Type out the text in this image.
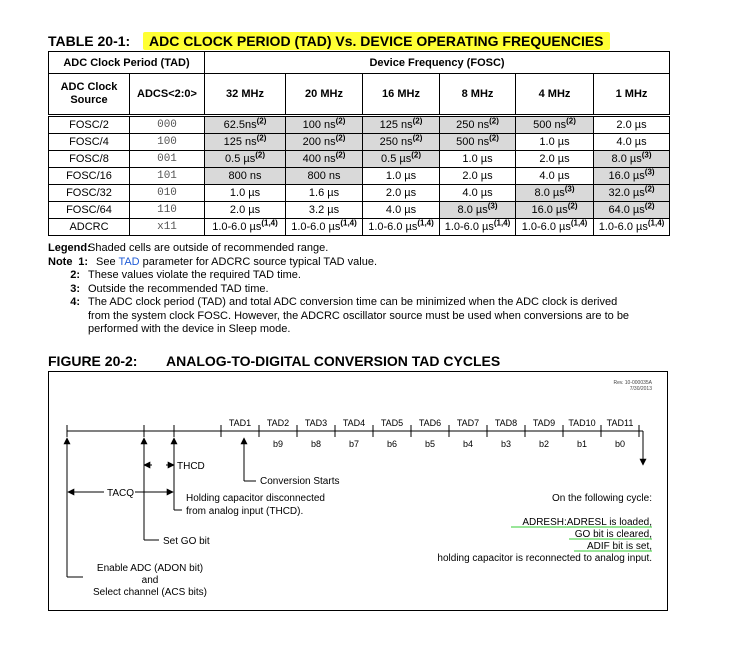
TABLE 20-1: ADC CLOCK PERIOD (TAD) Vs. DEVICE OPERATING FREQUENCIES
ADC Clock Period (TAD)		Device Frequency (FOSC)					
ADC Clock Source	ADCS<2:0>	32 MHz	20 MHz	16 MHz	8 MHz	4 MHz	1 MHz
FOSC/2	000	$62.5ns^{(2)}$	100 $ns^{(2)}$	125 $ns^{(2)}$	250 $ns^{(2)}$	500 $ns^{(2)}$	2.0 µs
FOSC/4	100	125 $ns^{(2)}$	200 $ns^{(2)}$	250 $ns^{(2)}$	500 $ns^{(2)}$	1.0 µs	4.0 µs
FOSC/8	001	0.5 µs$^{(2)}$	400 $ns^{(2)}$	0.5 µs$^{(2)}$	1.0 µs	2.0 µs	8.0 µs$^{(3)}$
FOSC/16	101	800 ns	800 ns	1.0 µs	2.0 µs	4.0 µs	16.0 µs$^{(3)}$
FOSC/32	010	1.0 µs	1.6 µs	2.0 µs	4.0 µs	8.0 µs$^{(3)}$	32.0 µs$^{(2)}$
FOSC/64	110	2.0 µs	3.2 µs	4.0 µs	8.0 µs$^{(3)}$	16.0 µs$^{(2)}$	64.0 µs$^{(2)}$
ADCRC	x11	1.0-6.0 µs$^{(1,4)}$	1.0-6.0 µs$^{(1,4)}$	1.0-6.0 µs$^{(1,4)}$	1.0-6.0 µs$^{(1,4)}$	1.0-6.0 µs$^{(1,4)}$	1.0-6.0 µs$^{(1,4)}$
Legend:
Shaded cells are outside of recommended range.
Note 1: See TAD parameter for ADCRC source typical TAD value.
2: These values violate the required TAD time.
3: Outside the recommended TAD time.
4: The ADC clock period (TAD) and total ADC conversion time can be minimized when the ADC clock is derived
from the system clock FOSC. However, the ADCRC oscillator source must be used when conversions are to be
performed with the device in Sleep mode.
FIGURE 20-2: ANALOG-TO-DIGITAL CONVERSION TAD CYCLES
Rev. 10-000035A
7/30/2013
TAD1 TAD2 TAD3 TAD4 TAD5 TAD6 TAD7 TAD8 TAD9 TAD10 TAD11
b9	b8	b7	b6	b5	b4	b3	b2	b1	b0
THCD
TACQ
Conversion Starts
Holding capacitor disconnected
from analog input (THCD).
Set GO bit
Enable ADC (ADON bit)
and
Select channel (ACS bits)
On the following cycle:
ADRESH:ADRESL is loaded,
GO bit is cleared,
ADIF bit is set,
holding capacitor is reconnected to analog input.
